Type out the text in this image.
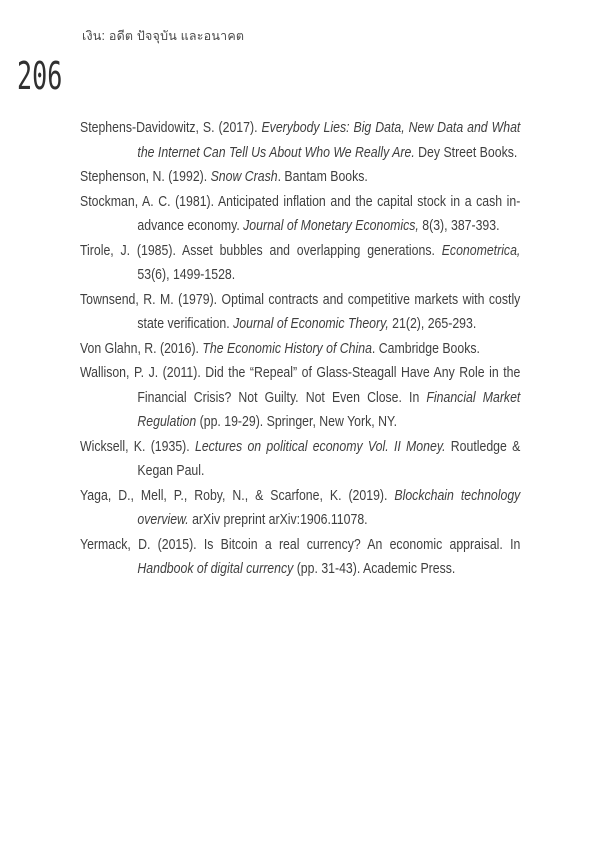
เงิน: อดีต ปัจจุบัน และอนาคต
206

Stephens-Davidowitz, S. (2017). Everybody Lies: Big Data, New Data and What the Internet Can Tell Us About Who We Really Are. Dey Street Books.

Stephenson, N. (1992). Snow Crash. Bantam Books.

Stockman, A. C. (1981). Anticipated inflation and the capital stock in a cash in-advance economy. Journal of Monetary Economics, 8(3), 387-393.

Tirole, J. (1985). Asset bubbles and overlapping generations. Econometrica, 53(6), 1499-1528.

Townsend, R. M. (1979). Optimal contracts and competitive markets with costly state verification. Journal of Economic Theory, 21(2), 265-293.

Von Glahn, R. (2016). The Economic History of China. Cambridge Books.

Wallison, P. J. (2011). Did the “Repeal” of Glass-Steagall Have Any Role in the Financial Crisis? Not Guilty. Not Even Close. In Financial Market Regulation (pp. 19-29). Springer, New York, NY.

Wicksell, K. (1935). Lectures on political economy Vol. II Money. Routledge & Kegan Paul.

Yaga, D., Mell, P., Roby, N., & Scarfone, K. (2019). Blockchain technology overview. arXiv preprint arXiv:1906.11078.

Yermack, D. (2015). Is Bitcoin a real currency? An economic appraisal. In Handbook of digital currency (pp. 31-43). Academic Press.
